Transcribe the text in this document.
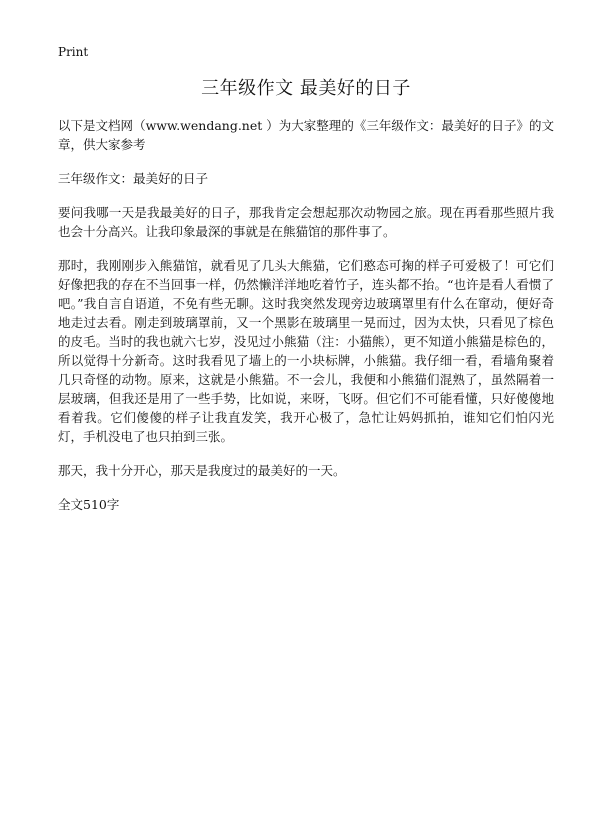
Print
三年级作文 最美好的日子

以下是文档网（www.wendang.net ）为大家整理的《三年级作文：最美好的日子》的文章，供大家参考

三年级作文：最美好的日子

要问我哪一天是我最美好的日子，那我肯定会想起那次动物园之旅。现在再看那些照片我也会十分高兴。让我印象最深的事就是在熊猫馆的那件事了。

那时，我刚刚步入熊猫馆，就看见了几头大熊猫，它们憨态可掬的样子可爱极了！可它们好像把我的存在不当回事一样，仍然懒洋洋地吃着竹子，连头都不抬。“也许是看人看惯了吧。”我自言自语道，不免有些无聊。这时我突然发现旁边玻璃罩里有什么在窜动，便好奇地走过去看。刚走到玻璃罩前，又一个黑影在玻璃里一晃而过，因为太快，只看见了棕色的皮毛。当时的我也就六七岁，没见过小熊猫（注：小猫熊），更不知道小熊猫是棕色的，所以觉得十分新奇。这时我看见了墙上的一小块标牌，小熊猫。我仔细一看，看墙角聚着几只奇怪的动物。原来，这就是小熊猫。不一会儿，我便和小熊猫们混熟了，虽然隔着一层玻璃，但我还是用了一些手势，比如说，来呀，飞呀。但它们不可能看懂，只好傻傻地看着我。它们傻傻的样子让我直发笑，我开心极了，急忙让妈妈抓拍，谁知它们怕闪光灯，手机没电了也只拍到三张。

那天，我十分开心，那天是我度过的最美好的一天。

全文510字
